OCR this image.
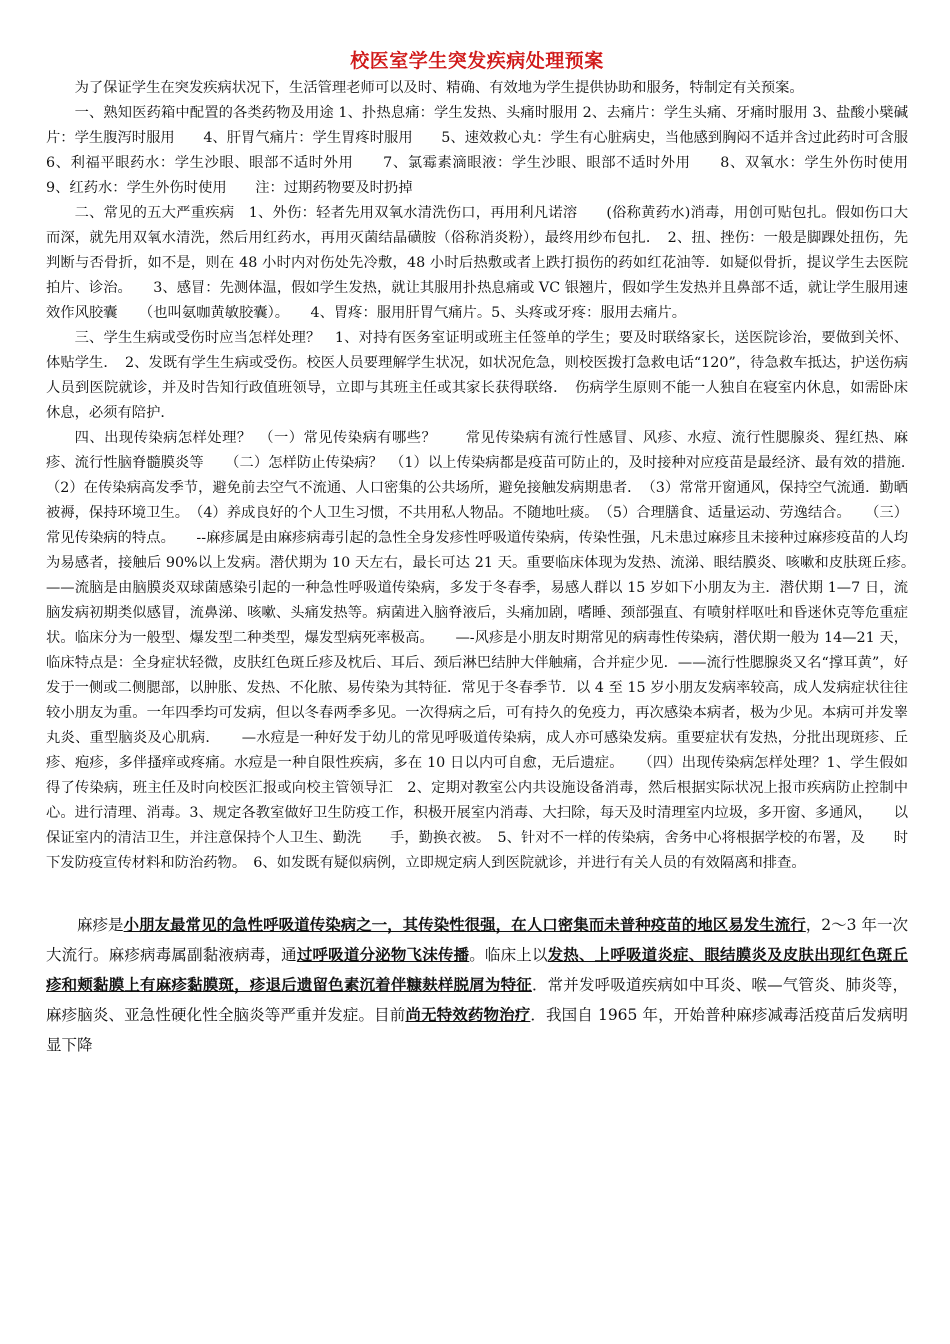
校医室学生突发疾病处理预案

为了保证学生在突发疾病状况下，生活管理老师可以及时、精确、有效地为学生提供协助和服务，特制定有关预案。

一、熟知医药箱中配置的各类药物及用途 1、扑热息痛：学生发热、头痛时服用 2、去痛片：学生头痛、牙痛时服用 3、盐酸小檗碱片：学生腹泻时服用　　4、肝胃气痛片：学生胃疼时服用　　5、速效救心丸：学生有心脏病史，当他感到胸闷不适并含过此药时可含服　　6、利福平眼药水：学生沙眼、眼部不适时外用　　7、氯霉素滴眼液：学生沙眼、眼部不适时外用　　8、双氧水：学生外伤时使用　　9、红药水：学生外伤时使用　　注：过期药物要及时扔掉

二、常见的五大严重疾病　1、外伤：轻者先用双氧水清洗伤口，再用利凡诺溶　　(俗称黄药水)消毒，用创可贴包扎。假如伤口大而深，就先用双氧水清洗，然后用红药水，再用灭菌结晶磺胺（俗称消炎粉），最终用纱布包扎．　2、扭、挫伤：一般是脚踝处扭伤，先判断与否骨折，如不是，则在 48 小时内对伤处先冷敷，48 小时后热敷或者上跌打损伤的药如红花油等．如疑似骨折，提议学生去医院拍片、诊治。　　3、感冒：先测体温，假如学生发热，就让其服用扑热息痛或 VC 银翘片，假如学生发热并且鼻部不适，就让学生服用速效作风胶囊　　（也叫氨咖黄敏胶囊）。　　4、胃疼：服用肝胃气痛片。5、头疼或牙疼：服用去痛片。

三、学生生病或受伤时应当怎样处理？　1、对持有医务室证明或班主任签单的学生；要及时联络家长，送医院诊治，要做到关怀、体贴学生．　2、发既有学生生病或受伤。校医人员要理解学生状况，如状况危急，则校医拨打急救电话“120”，待急救车抵达，护送伤病人员到医院就诊，并及时告知行政值班领导，立即与其班主任或其家长获得联络．　伤病学生原则不能一人独自在寝室内休息，如需卧床休息，必须有陪护．

四、出现传染病怎样处理？　（一）常见传染病有哪些？　　常见传染病有流行性感冒、风疹、水痘、流行性腮腺炎、猩红热、麻疹、流行性脑脊髓膜炎等　　（二）怎样防止传染病？　（1）以上传染病都是疫苗可防止的，及时接种对应疫苗是最经济、最有效的措施．　（2）在传染病高发季节，避免前去空气不流通、人口密集的公共场所，避免接触发病期患者．　（3）常常开窗通风，保持空气流通．勤晒被褥，保持环境卫生。　（4）养成良好的个人卫生习惯，不共用私人物品。不随地吐痰。　（5）合理膳食、适量运动、劳逸结合。　　（三）常见传染病的特点。　　--麻疹属是由麻疹病毒引起的急性全身发疹性呼吸道传染病，传染性强，凡未患过麻疹且未接种过麻疹疫苗的人均为易感者，接触后 90%以上发病。潜伏期为 10 天左右，最长可达 21 天。重要临床体现为发热、流涕、眼结膜炎、咳嗽和皮肤斑丘疹。　　——流脑是由脑膜炎双球菌感染引起的一种急性呼吸道传染病，多发于冬春季，易感人群以 15 岁如下小朋友为主．潜伏期 1—7 日，流脑发病初期类似感冒，流鼻涕、咳嗽、头痛发热等。病菌进入脑脊液后，头痛加剧，嗜睡、颈部强直、有喷射样呕吐和昏迷休克等危重症状。临床分为一般型、爆发型二种类型，爆发型病死率极高。　　—-风疹是小朋友时期常见的病毒性传染病，潜伏期一般为 14—21 天，临床特点是：全身症状轻微，皮肤红色斑丘疹及枕后、耳后、颈后淋巴结肿大伴触痛，合并症少见．——流行性腮腺炎又名“撑耳黄”，好发于一侧或二侧腮部，以肿胀、发热、不化脓、易传染为其特征．常见于冬春季节．以 4 至 15 岁小朋友发病率较高，成人发病症状往往较小朋友为重。一年四季均可发病，但以冬春两季多见。一次得病之后，可有持久的免疫力，再次感染本病者，极为少见。本病可并发睾丸炎、重型脑炎及心肌病．　　—水痘是一种好发于幼儿的常见呼吸道传染病，成人亦可感染发病。重要症状有发热，分批出现斑疹、丘疹、疱疹，多伴搔痒或疼痛。水痘是一种自限性疾病，多在 10 日以内可自愈，无后遗症。　　（四）出现传染病怎样处理？1、学生假如得了传染病，班主任及时向校医汇报或向校主管领导汇　2、定期对教室公内共设施设备消毒，然后根据实际状况上报市疾病防止控制中心。进行清理、消毒。3、规定各教室做好卫生防疫工作，积极开展室内消毒、大扫除，每天及时清理室内垃圾，多开窗、多通风，　　以保证室内的清洁卫生，并注意保持个人卫生、勤洗　　手，勤换衣被。　5、针对不一样的传染病，舍务中心将根据学校的布署，及　　时下发防疫宣传材料和防治药物。　6、如发既有疑似病例，立即规定病人到医院就诊，并进行有关人员的有效隔离和排查。

麻疹是小朋友最常见的急性呼吸道传染病之一，其传染性很强，在人口密集而未普种疫苗的地区易发生流行，2～3 年一次大流行。麻疹病毒属副黏液病毒，通过呼吸道分泌物飞沫传播。临床上以发热、上呼吸道炎症、眼结膜炎及皮肤出现红色斑丘疹和颊黏膜上有麻疹黏膜斑，疹退后遗留色素沉着伴糠麸样脱屑为特征．常并发呼吸道疾病如中耳炎、喉—气管炎、肺炎等，麻疹脑炎、亚急性硬化性全脑炎等严重并发症。目前尚无特效药物治疗．我国自 1965 年，开始普种麻疹减毒活疫苗后发病明显下降
